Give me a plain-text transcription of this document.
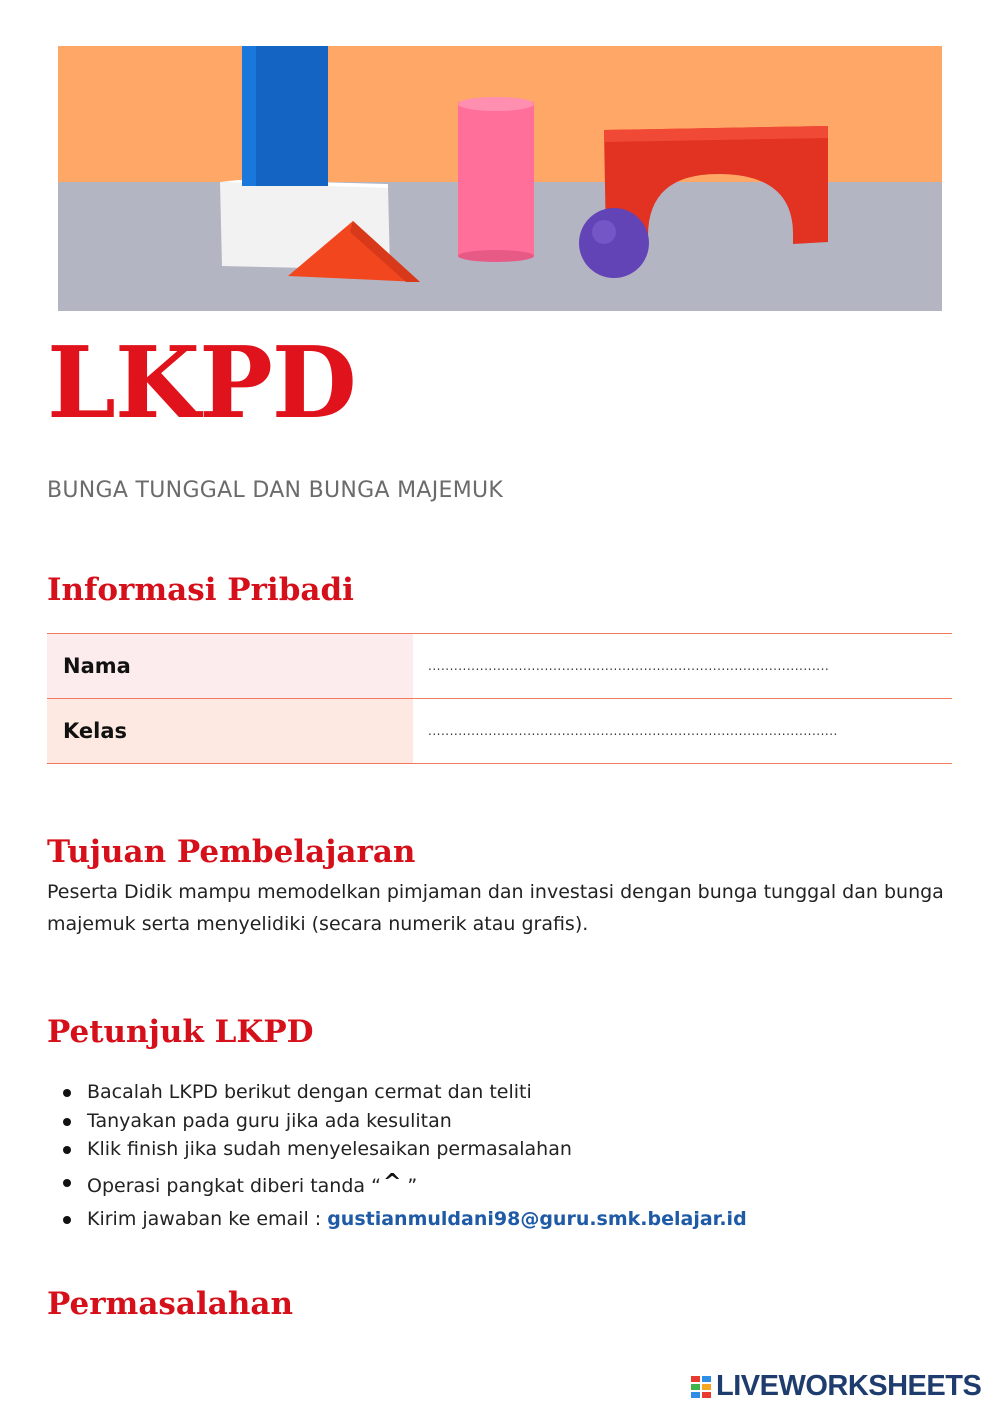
LKPD
BUNGA TUNGGAL DAN BUNGA MAJEMUK
Informasi Pribadi
Nama	.............................................................................................
Kelas	...............................................................................................
Tujuan Pembelajaran
Peserta Didik mampu memodelkan pimjaman dan investasi dengan bunga tunggal dan bunga majemuk serta menyelidiki (secara numerik atau grafis).
Petunjuk LKPD
Bacalah LKPD berikut dengan cermat dan teliti
Tanyakan pada guru jika ada kesulitan
Klik finish jika sudah menyelesaikan permasalahan
Operasi pangkat diberi tanda “^ ”
Kirim jawaban ke email : gustianmuldani98@guru.smk.belajar.id
Permasalahan
LIVEWORKSHEETS
